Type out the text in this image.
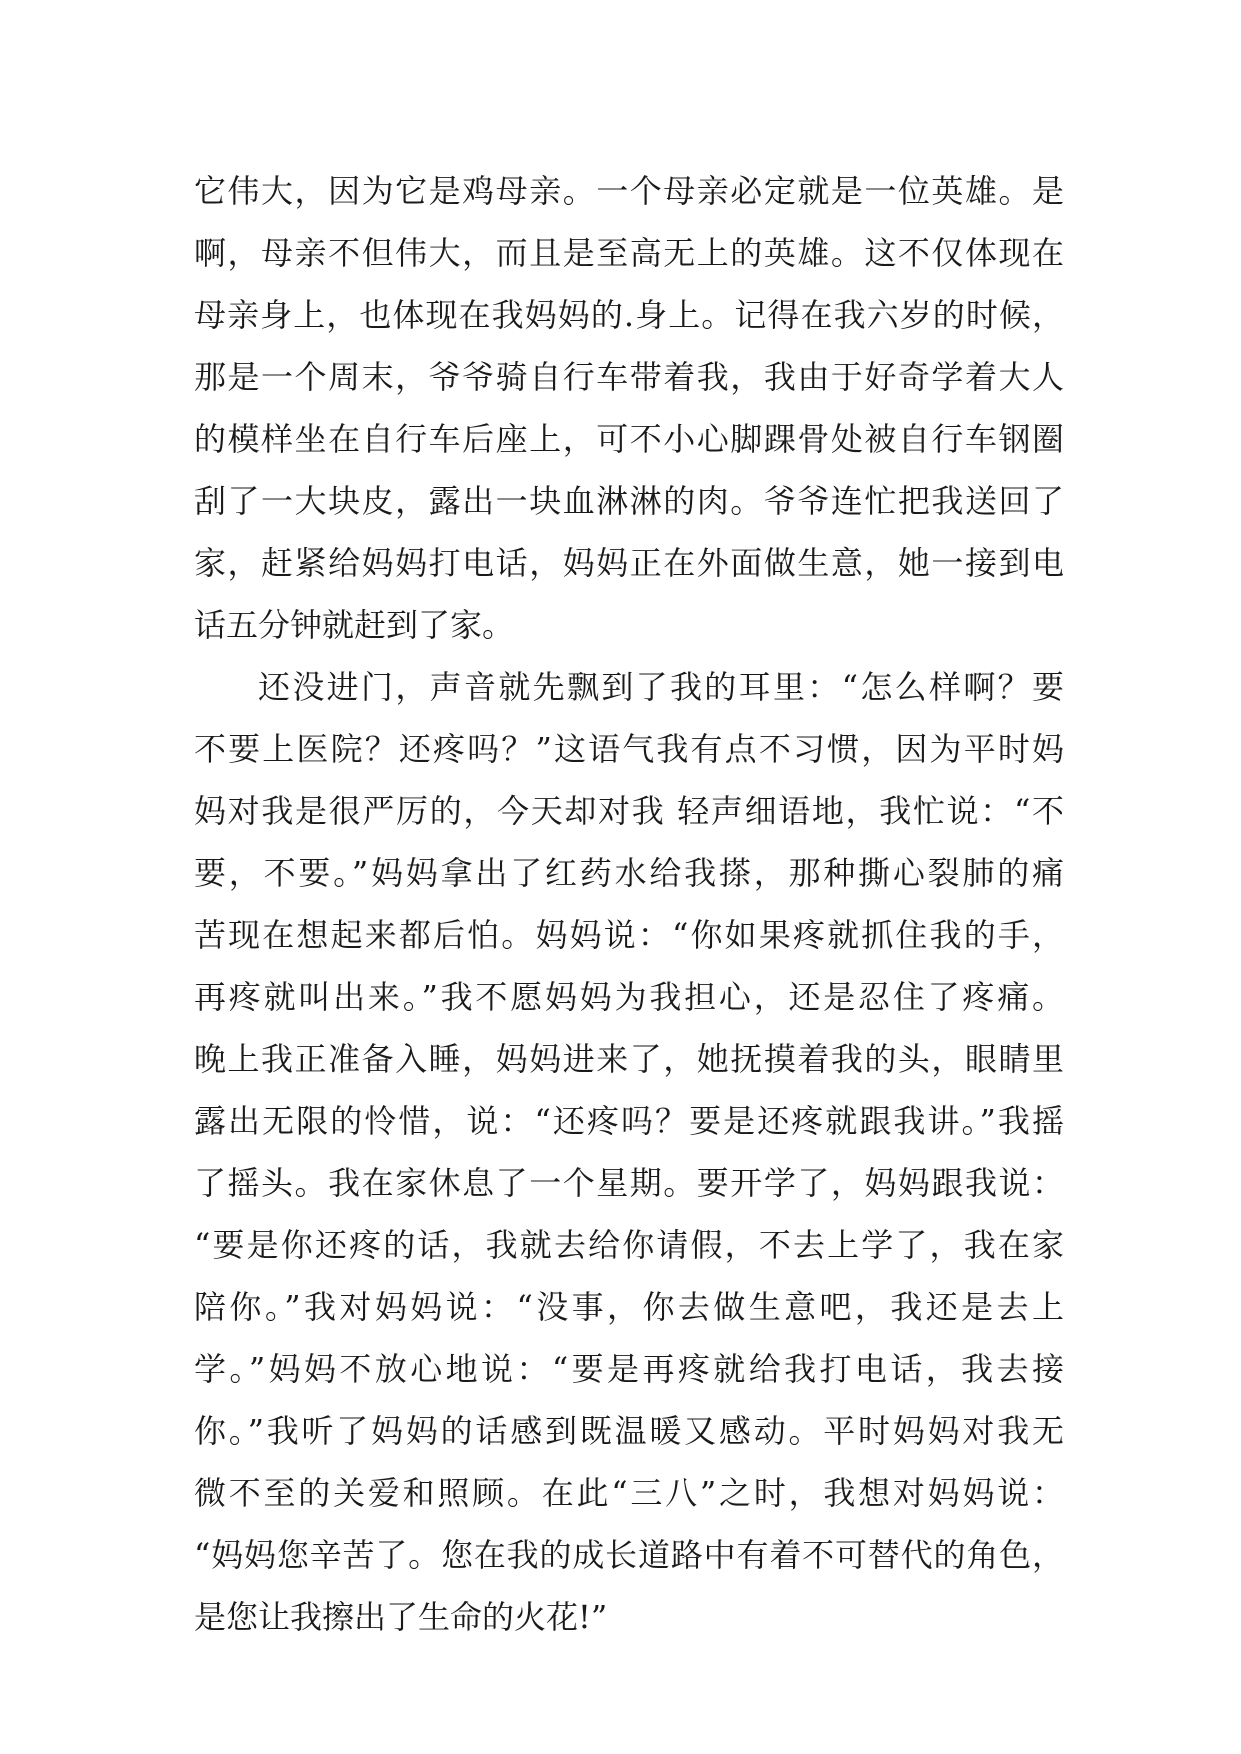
它伟大，因为它是鸡母亲。一个母亲必定就是一位英雄。是
啊，母亲不但伟大，而且是至高无上的英雄。这不仅体现在
母亲身上，也体现在我妈妈的.身上。记得在我六岁的时候，
那是一个周末，爷爷骑自行车带着我，我由于好奇学着大人
的模样坐在自行车后座上，可不小心脚踝骨处被自行车钢圈
刮了一大块皮，露出一块血淋淋的肉。爷爷连忙把我送回了
家，赶紧给妈妈打电话，妈妈正在外面做生意，她一接到电
话五分钟就赶到了家。
还没进门，声音就先飘到了我的耳里：“怎么样啊？要
不要上医院？还疼吗？”这语气我有点不习惯，因为平时妈
妈对我是很严厉的，今天却对我 轻声细语地，我忙说：“不
要，不要。”妈妈拿出了红药水给我搽，那种撕心裂肺的痛
苦现在想起来都后怕。妈妈说：“你如果疼就抓住我的手，
再疼就叫出来。”我不愿妈妈为我担心，还是忍住了疼痛。
晚上我正准备入睡，妈妈进来了，她抚摸着我的头，眼睛里
露出无限的怜惜，说：“还疼吗？要是还疼就跟我讲。”我摇
了摇头。我在家休息了一个星期。要开学了，妈妈跟我说：
“要是你还疼的话，我就去给你请假，不去上学了，我在家
陪你。”我对妈妈说：“没事，你去做生意吧，我还是去上
学。”妈妈不放心地说：“要是再疼就给我打电话，我去接
你。”我听了妈妈的话感到既温暖又感动。平时妈妈对我无
微不至的关爱和照顾。在此“三八”之时，我想对妈妈说：
“妈妈您辛苦了。您在我的成长道路中有着不可替代的角色，
是您让我擦出了生命的火花!”
